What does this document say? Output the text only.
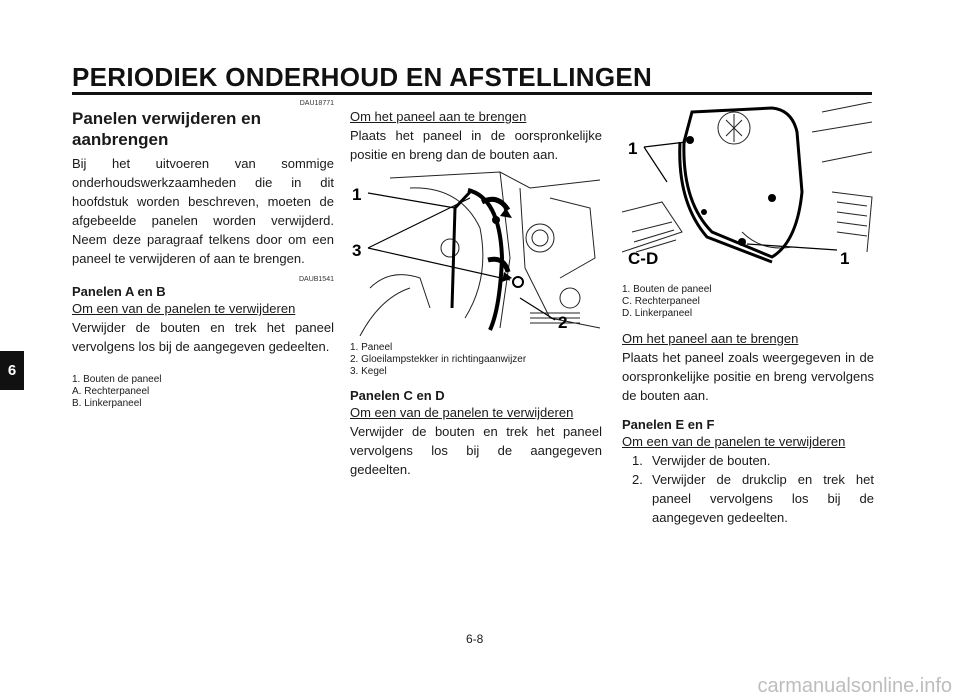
PERIODIEK ONDERHOUD EN AFSTELLINGEN
6
DAU18771
Panelen verwijderen en aanbrengen

Bij het uitvoeren van sommige onderhoudswerkzaamheden die in dit hoofdstuk worden beschreven, moeten de afgebeelde panelen worden verwijderd. Neem deze paragraaf telkens door om een paneel te verwijderen of aan te brengen.

DAUB1541
Panelen A en B
Om een van de panelen te verwijderen

Verwijder de bouten en trek het paneel vervolgens los bij de aangegeven gedeelten.

1. Bouten de paneel
A. Rechterpaneel
B. Linkerpaneel
Om het paneel aan te brengen

Plaats het paneel in de oorspronkelijke positie en breng dan de bouten aan.

1
3
2
1. Paneel
2. Gloeilampstekker in richtingaanwijzer
3. Kegel
Panelen C en D
Om een van de panelen te verwijderen

Verwijder de bouten en trek het paneel vervolgens los bij de aangegeven gedeelten.

1
1
C-D
1. Bouten de paneel
C. Rechterpaneel
D. Linkerpaneel
Om het paneel aan te brengen

Plaats het paneel zoals weergegeven in de oorspronkelijke positie en breng vervolgens de bouten aan.

Panelen E en F
Om een van de panelen te verwijderen
1. Verwijder de bouten.
2. Verwijder de drukclip en trek het paneel vervolgens los bij de aangegeven gedeelten.
6-8
carmanualsonline.info
